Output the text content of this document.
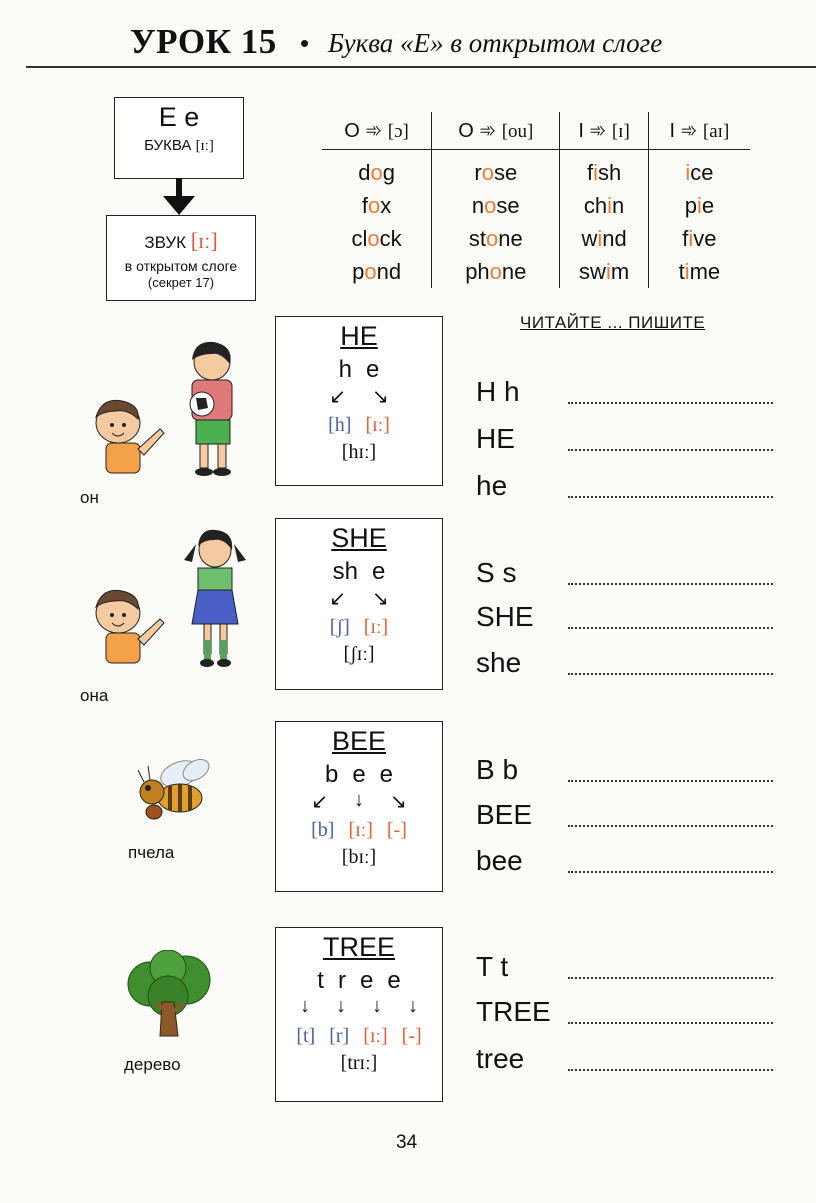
УРОК 15 • Буква «Е» в открытом слоге
E e
БУКВА [ɪː]
ЗВУК [ɪː]
в открытом слоге
(секрет 17)
O ➾ [ɔ]	O ➾ [ou]	I ➾ [ɪ]	I ➾ [aɪ]
dog	rose	fish	ice
fox	nose	chin	pie
clock	stone	wind	five
pond	phone	swim	time
ЧИТАЙТЕ ... ПИШИТЕ
он
она
пчела
дерево
HE
h e
↙ ↘
[h] [ɪː]
[hɪː]
SHE
sh e
↙ ↘
[ʃ] [ɪː]
[ʃɪː]
BEE
b e e
↙ ↓ ↘
[b] [ɪː] [-]
[bɪː]
TREE
t r e e
↓ ↓ ↓ ↓
[t] [r] [ɪː] [-]
[trɪː]
H h
HE
he
S s
SHE
she
B b
BEE
bee
T t
TREE
tree
34
